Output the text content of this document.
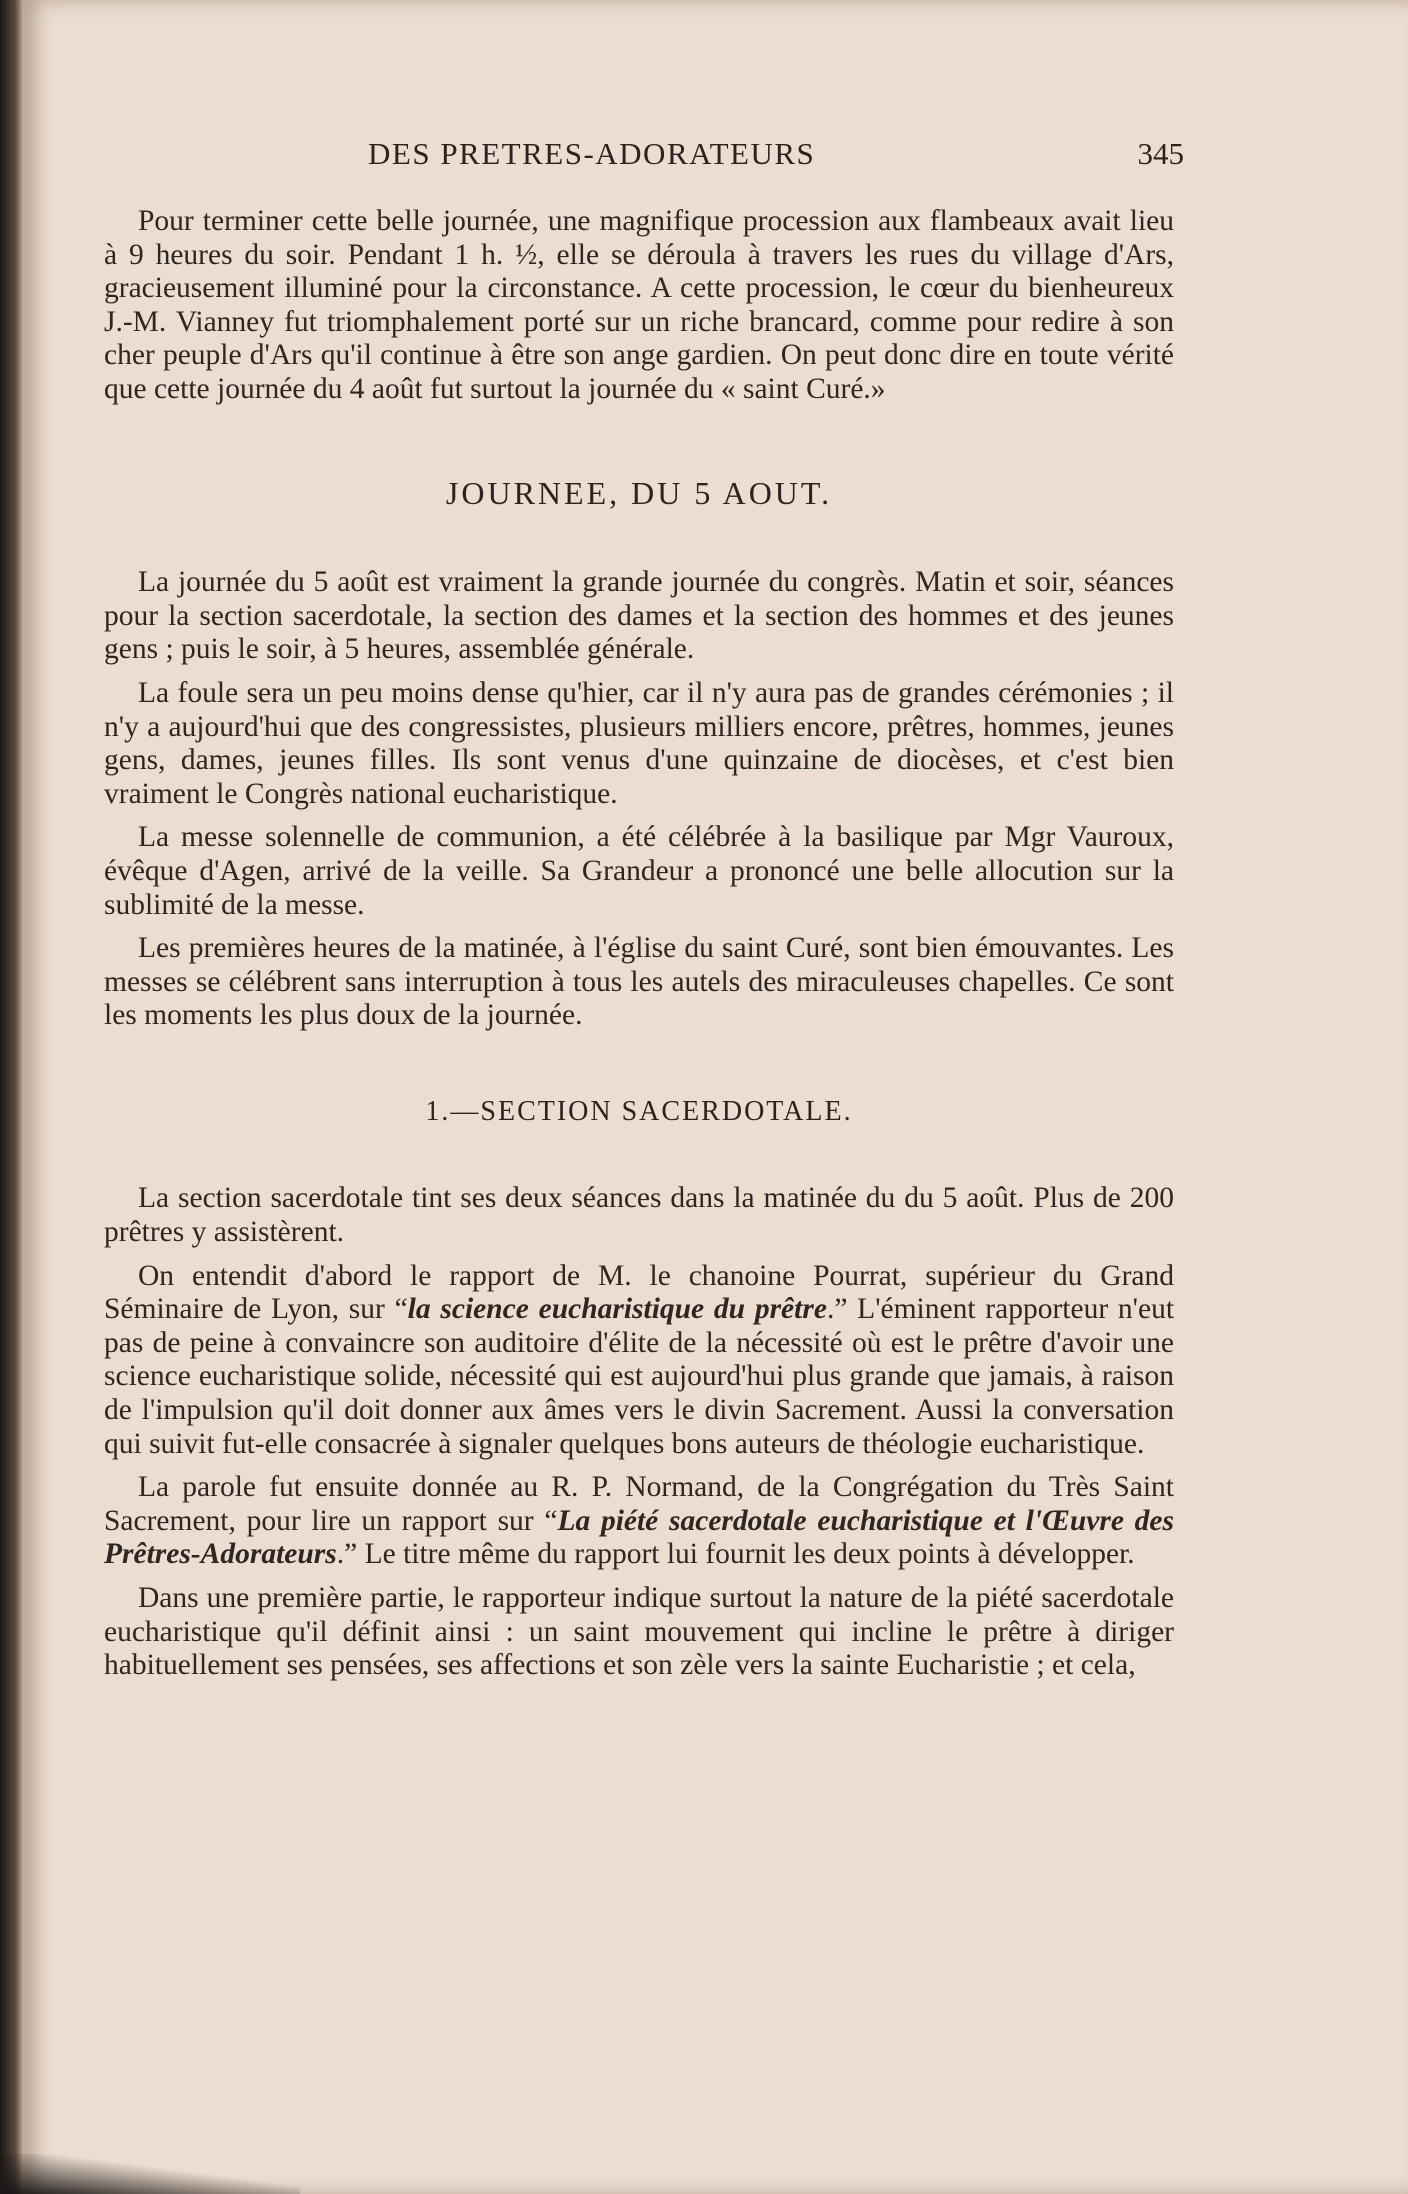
DES PRETRES-ADORATEURS	345

Pour terminer cette belle journée, une magnifique procession aux flambeaux avait lieu à 9 heures du soir. Pendant 1 h. ½, elle se déroula à travers les rues du village d'Ars, gracieusement illuminé pour la circonstance. A cette procession, le cœur du bienheureux J.-M. Vianney fut triomphalement porté sur un riche brancard, comme pour redire à son cher peuple d'Ars qu'il continue à être son ange gardien. On peut donc dire en toute vérité que cette journée du 4 août fut surtout la journée du « saint Curé.»

JOURNEE, DU 5 AOUT.

La journée du 5 août est vraiment la grande journée du congrès. Matin et soir, séances pour la section sacerdotale, la section des dames et la section des hommes et des jeunes gens ; puis le soir, à 5 heures, assemblée générale.

La foule sera un peu moins dense qu'hier, car il n'y aura pas de grandes cérémonies ; il n'y a aujourd'hui que des congressistes, plusieurs milliers encore, prêtres, hommes, jeunes gens, dames, jeunes filles. Ils sont venus d'une quinzaine de diocèses, et c'est bien vraiment le Congrès national eucharistique.

La messe solennelle de communion, a été célébrée à la basilique par Mgr Vauroux, évêque d'Agen, arrivé de la veille. Sa Grandeur a prononcé une belle allocution sur la sublimité de la messe.

Les premières heures de la matinée, à l'église du saint Curé, sont bien émouvantes. Les messes se célébrent sans interruption à tous les autels des miraculeuses chapelles. Ce sont les moments les plus doux de la journée.

1.—SECTION SACERDOTALE.

La section sacerdotale tint ses deux séances dans la matinée du du 5 août. Plus de 200 prêtres y assistèrent.

On entendit d'abord le rapport de M. le chanoine Pourrat, supérieur du Grand Séminaire de Lyon, sur “la science eucharistique du prêtre.” L'éminent rapporteur n'eut pas de peine à convaincre son auditoire d'élite de la nécessité où est le prêtre d'avoir une science eucharistique solide, nécessité qui est aujourd'hui plus grande que jamais, à raison de l'impulsion qu'il doit donner aux âmes vers le divin Sacrement. Aussi la conversation qui suivit fut-elle consacrée à signaler quelques bons auteurs de théologie eucharistique.

La parole fut ensuite donnée au R. P. Normand, de la Congrégation du Très Saint Sacrement, pour lire un rapport sur “La piété sacerdotale eucharistique et l'Œuvre des Prêtres-Adorateurs.” Le titre même du rapport lui fournit les deux points à développer.

Dans une première partie, le rapporteur indique surtout la nature de la piété sacerdotale eucharistique qu'il définit ainsi : un saint mouvement qui incline le prêtre à diriger habituellement ses pensées, ses affections et son zèle vers la sainte Eucharistie ; et cela,
